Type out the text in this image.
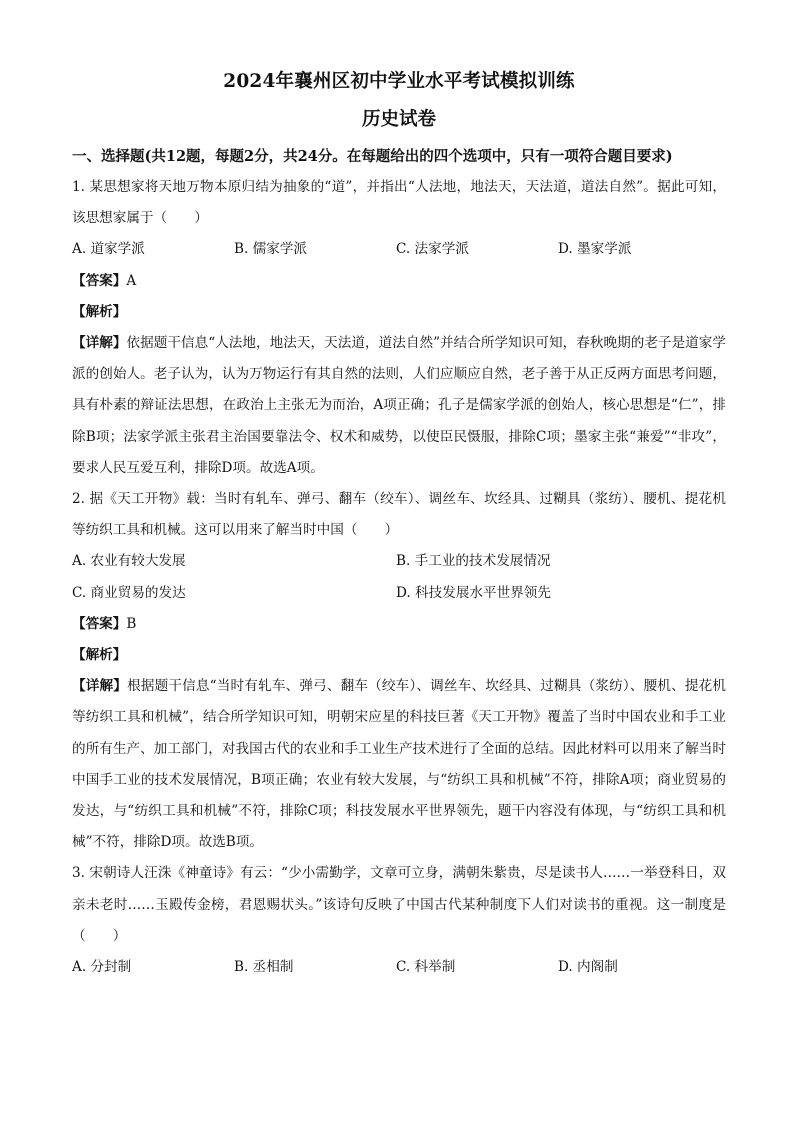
2024年襄州区初中学业水平考试模拟训练
历史试卷
一、选择题(共12题，每题2分，共24分。在每题给出的四个选项中，只有一项符合题目要求)

1. 某思想家将天地万物本原归结为抽象的“道”，并指出“人法地，地法天，天法道，道法自然”。据此可知，该思想家属于（　　）

A. 道家学派	B. 儒家学派	C. 法家学派	D. 墨家学派

【答案】A

【解析】

【详解】依据题干信息“人法地，地法天，天法道，道法自然”并结合所学知识可知，春秋晚期的老子是道家学派的创始人。老子认为，认为万物运行有其自然的法则，人们应顺应自然，老子善于从正反两方面思考问题，具有朴素的辩证法思想，在政治上主张无为而治，A项正确；孔子是儒家学派的创始人，核心思想是“仁”，排除B项；法家学派主张君主治国要靠法令、权术和威势，以使臣民慑服，排除C项；墨家主张“兼爱”“非攻”，要求人民互爱互利，排除D项。故选A项。

2. 据《天工开物》载：当时有轧车、弹弓、翻车（绞车）、调丝车、坎经具、过糊具（浆纺）、腰机、提花机等纺织工具和机械。这可以用来了解当时中国（　　）

A. 农业有较大发展	B. 手工业的技术发展情况
C. 商业贸易的发达	D. 科技发展水平世界领先

【答案】B

【解析】

【详解】根据题干信息“当时有轧车、弹弓、翻车（绞车）、调丝车、坎经具、过糊具（浆纺）、腰机、提花机等纺织工具和机械”，结合所学知识可知，明朝宋应星的科技巨著《天工开物》覆盖了当时中国农业和手工业的所有生产、加工部门，对我国古代的农业和手工业生产技术进行了全面的总结。因此材料可以用来了解当时中国手工业的技术发展情况，B项正确；农业有较大发展，与“纺织工具和机械”不符，排除A项；商业贸易的发达，与“纺织工具和机械”不符，排除C项；科技发展水平世界领先，题干内容没有体现，与“纺织工具和机械”不符，排除D项。故选B项。

3. 宋朝诗人汪洙《神童诗》有云：“少小需勤学，文章可立身，满朝朱紫贵，尽是读书人……一举登科日，双亲未老时……玉殿传金榜，君恩赐状头。”该诗句反映了中国古代某种制度下人们对读书的重视。这一制度是（　　）

A. 分封制	B. 丞相制	C. 科举制	D. 内阁制
